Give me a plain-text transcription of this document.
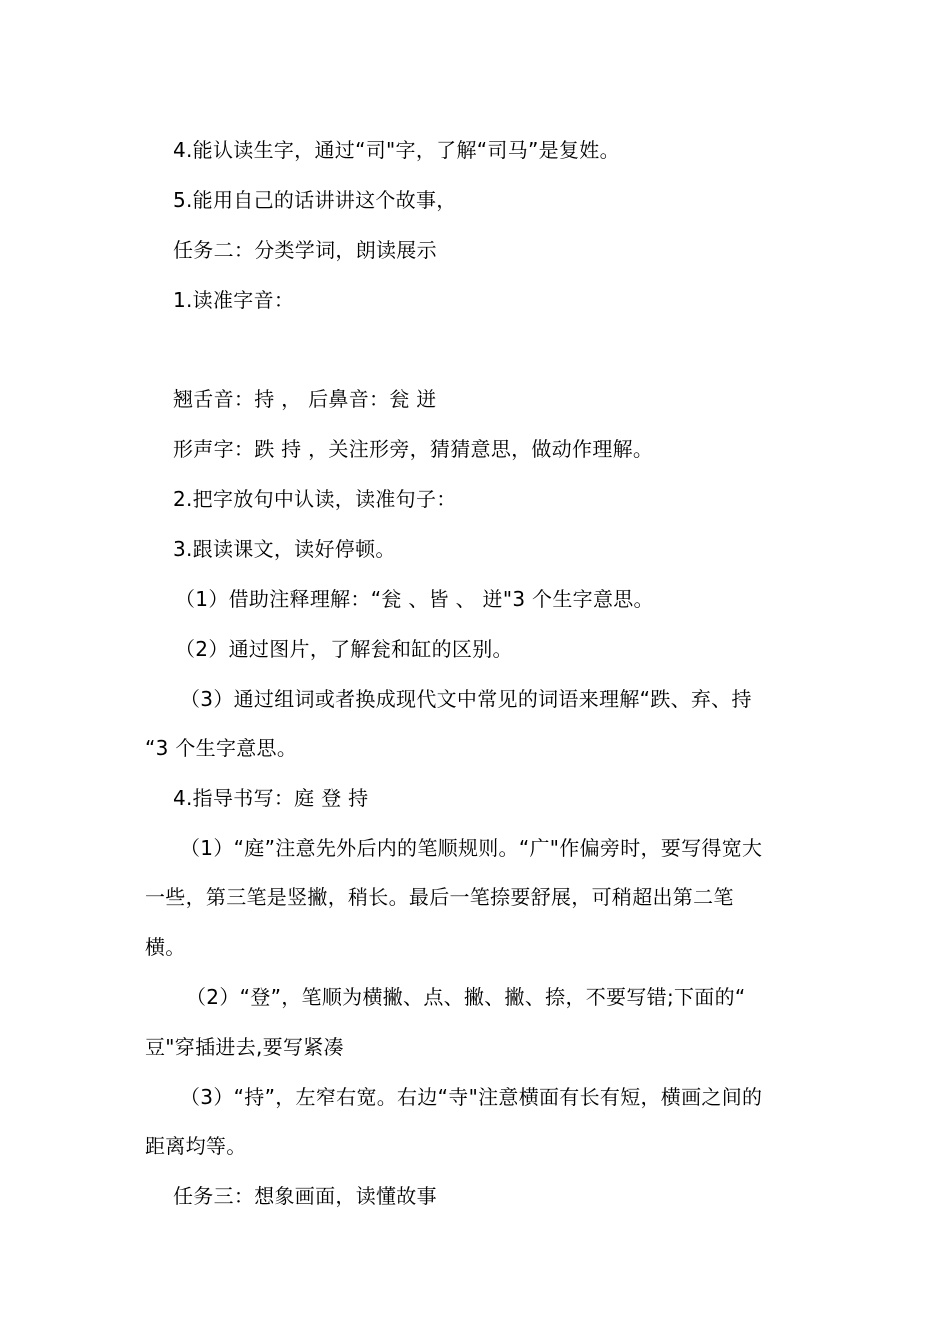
4.能认读生字，通过“司"字，了解“司马”是复姓。
5.能用自己的话讲讲这个故事，
任务二：分类学词，朗读展示
1.读准字音：
翘舌音：持 ， 后鼻音：瓮 迸
形声字：跌 持 ，关注形旁，猜猜意思，做动作理解。
2.把字放句中认读，读准句子：
3.跟读课文，读好停顿。
（1）借助注释理解：“瓮 、皆 、 迸"3 个生字意思。
（2）通过图片，了解瓮和缸的区别。
（3）通过组词或者换成现代文中常见的词语来理解“跌、弃、持
“3 个生字意思。
4.指导书写：庭 登 持
（1）“庭”注意先外后内的笔顺规则。“广"作偏旁时，要写得宽大
一些，第三笔是竖撇，稍长。最后一笔捺要舒展，可稍超出第二笔
横。
（2）“登”，笔顺为横撇、点、撇、撇、捺，不要写错;下面的“
豆"穿插进去,要写紧凑
（3）“持”，左窄右宽。右边“寺"注意横面有长有短，横画之间的
距离均等。
任务三：想象画面，读懂故事
